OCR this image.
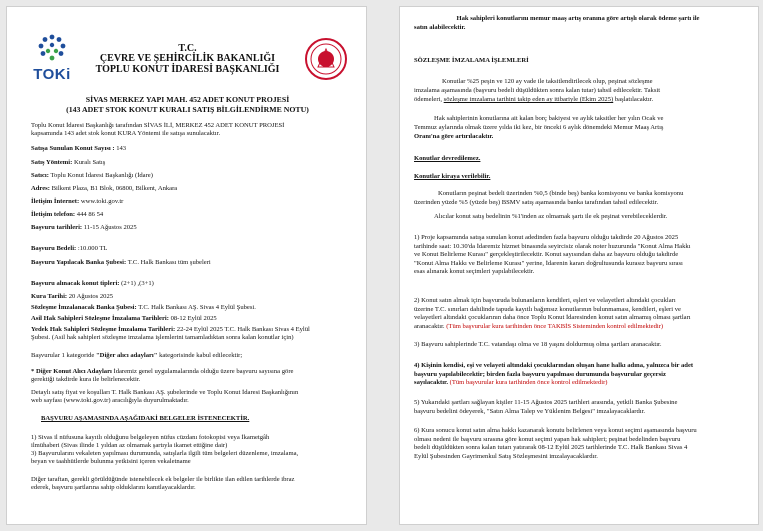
TOKi
T.C.
ÇEVRE VE ŞEHİRCİLİK BAKANLIĞI
TOPLU KONUT İDARESİ BAŞKANLIĞI
SİVAS MERKEZ YAPI MAH. 452 ADET KONUT PROJESİ
(143 ADET STOK KONUT KURALI SATIŞ BİLGİLENDİRME NOTU)
Toplu Konut İdaresi Başkanlığı tarafından SİVAS İLİ, MERKEZ 452 ADET KONUT PROJESİ
kapsamında 143 adet stok konut KURA Yöntemi ile satışa sunulacaktır.
Satışa Sunulan Konut Sayısı : 143
Satış Yöntemi: Kuralı Satış
Satıcı: Toplu Konut İdaresi Başkanlığı (İdare)
Adres: Bilkent Plaza, B1 Blok, 06800, Bilkent, Ankara
İletişim İnternet: www.toki.gov.tr
İletişim telefon: 444 86 54
Başvuru tarihleri: 11-15 Ağustos 2025
Başvuru Bedeli: :10.000 TL
Başvuru Yapılacak Banka Şubesi: T.C. Halk Bankası tüm şubeleri
Başvuru alınacak konut tipleri: (2+1) ,(3+1)
Kura Tarihi: 20 Ağustos 2025
Sözleşme İmzalanacak Banka Şubesi: T.C. Halk Bankası AŞ. Sivas 4 Eylül Şubesi.
Asil Hak Sahipleri Sözleşme İmzalama Tarihleri: 08-12 Eylül 2025
Yedek Hak Sahipleri Sözleşme İmzalama Tarihleri: 22-24 Eylül 2025 T.C. Halk Bankası Sivas 4 Eylül
Şubesi. (Asil hak sahipleri sözleşme imzalama işlemlerini tamamladıktan sonra kalan konutlar için)
Başvurular 1 kategoride "Diğer alıcı adayları" kategorisinde kabul edilecektir;
* Diğer Konut Alıcı Adayları İdaremiz genel uygulamalarında olduğu üzere başvuru sayısına göre
gerektiği takdirde kura ile belirlenecektir.
Detaylı satış fiyat ve koşulları T. Halk Bankası AŞ. şubelerinde ve Toplu Konut İdaresi Başkanlığının
web sayfası (www.toki.gov.tr) aracılığıyla duyurulmaktadır.
BAŞVURU AŞAMASINDA AŞAĞIDAKİ BELGELER İSTENECEKTİR.
1) Sivas il nüfusuna kayıtlı olduğunu belgeleyen nüfus cüzdanı fotokopisi veya İkametgâh
ilmühaberi (Sivas ilinde 1 yıldan az olmamak şartıyla ikamet ettiğine dair)
3) Başvurularını vekaleten yapılması durumunda, satışlarla ilgili tüm belgeleri düzenleme, imzalama,
beyan ve taahhütlerde bulunma yetkisini içeren vekaletname
Diğer taraftan, gerekli görüldüğünde istenebilecek ek belgeler ile birlikte ilan edilen tarihlerde ibraz
ederek, başvuru şartlarına sahip olduklarını kanıtlayacaklardır.
Hak sahipleri konutlarını memur maaş artış oranına göre artışlı olarak ödeme şartı ile
satın alabilecektir.
SÖZLEŞME İMZALAMA İŞLEMLERİ
Konutlar %25 peşin ve 120 ay vade ile taksitlendirilecek olup, peşinat sözleşme
imzalama aşamasında (başvuru bedeli düşüldükten sonra kalan tutar) tahsil edilecektir. Taksit
ödemeleri, sözleşme imzalama tarihini takip eden ay itibariyle (Ekim 2025) başlatılacaktır.
Hak sahiplerinin konutlarına ait kalan borç bakiyesi ve aylık taksitler her yılın Ocak ve
Temmuz aylarında olmak üzere yılda iki kez, bir önceki 6 aylık dönemdeki Memur Maaş Artış
Oranı'na göre artırılacaktır.
Konutlar devredilemez.
Konutlar kiraya verilebilir.
Konutların peşinat bedeli üzerinden %0,5 (binde beş) banka komisyonu ve banka komisyonu
üzerinden yüzde %5 (yüzde beş) BSMV satış aşamasında banka tarafından tahsil edilecektir.
Alıcılar konut satış bedelinin %1'inden az olmamak şartı ile ek peşinat verebileceklerdir.
1) Proje kapsamında satışa sunulan konut adedinden fazla başvuru olduğu takdirde 20 Ağustos 2025
tarihinde saat: 10.30'da İdaremiz hizmet binasında seyircisiz olarak noter huzurunda "Konut Alma Hakkı
ve Konut Belirleme Kurası" gerçekleştirilecektir. Konut sayısından daha az başvuru olduğu takdirde
"Konut Alma Hakkı ve Belirleme Kurası" yerine, İdarenin kararı doğrultusunda kurasız başvuru sırası
esas alınarak konut seçimleri yapılabilecektir.
2) Konut satın almak için başvuruda bulunanların kendileri, eşleri ve velayetleri altındaki çocukları
üzerine T.C. sınırları dahilinde tapuda kayıtlı bağımsız konutlarının bulunmaması, kendileri, eşleri ve
velayetleri altındaki çocuklarının daha önce Toplu Konut İdaresinden konut satın almamış olması şartları
aranacaktır. (Tüm başvurular kura tarihinden önce TAKBİS Sisteminden kontrol edilmektedir)
3) Başvuru sahiplerinde T.C. vatandaşı olma ve 18 yaşını doldurmuş olma şartları aranacaktır.
4) Kişinin kendisi, eşi ve velayeti altındaki çocuklarından oluşan hane halkı adına, yalnızca bir adet
başvuru yapılabilecektir; birden fazla başvuru yapılması durumunda başvurular geçersiz
sayılacaktır. (Tüm başvurular kura tarihinden önce kontrol edilmektedir)
5) Yukarıdaki şartları sağlayan kişiler 11-15 Ağustos 2025 tarihleri arasında, yetkili Banka Şubesine
başvuru bedelini ödeyerek, "Satın Alma Talep ve Yüklenim Belgesi" imzalayacaklardır.
6) Kura sonucu konut satın alma hakkı kazanarak konutu belirlenen veya konut seçimi aşamasında başvuru
olması nedeni ile başvuru sırasına göre konut seçimi yapan hak sahipleri; peşinat bedelinden başvuru
bedeli düşüldükten sonra kalan tutarı yatırarak 08-12 Eylül 2025 tarihlerinde T.C. Halk Bankası Sivas 4
Eylül Şubesinden Gayrimenkul Satış Sözleşmesini imzalayacaklardır.
